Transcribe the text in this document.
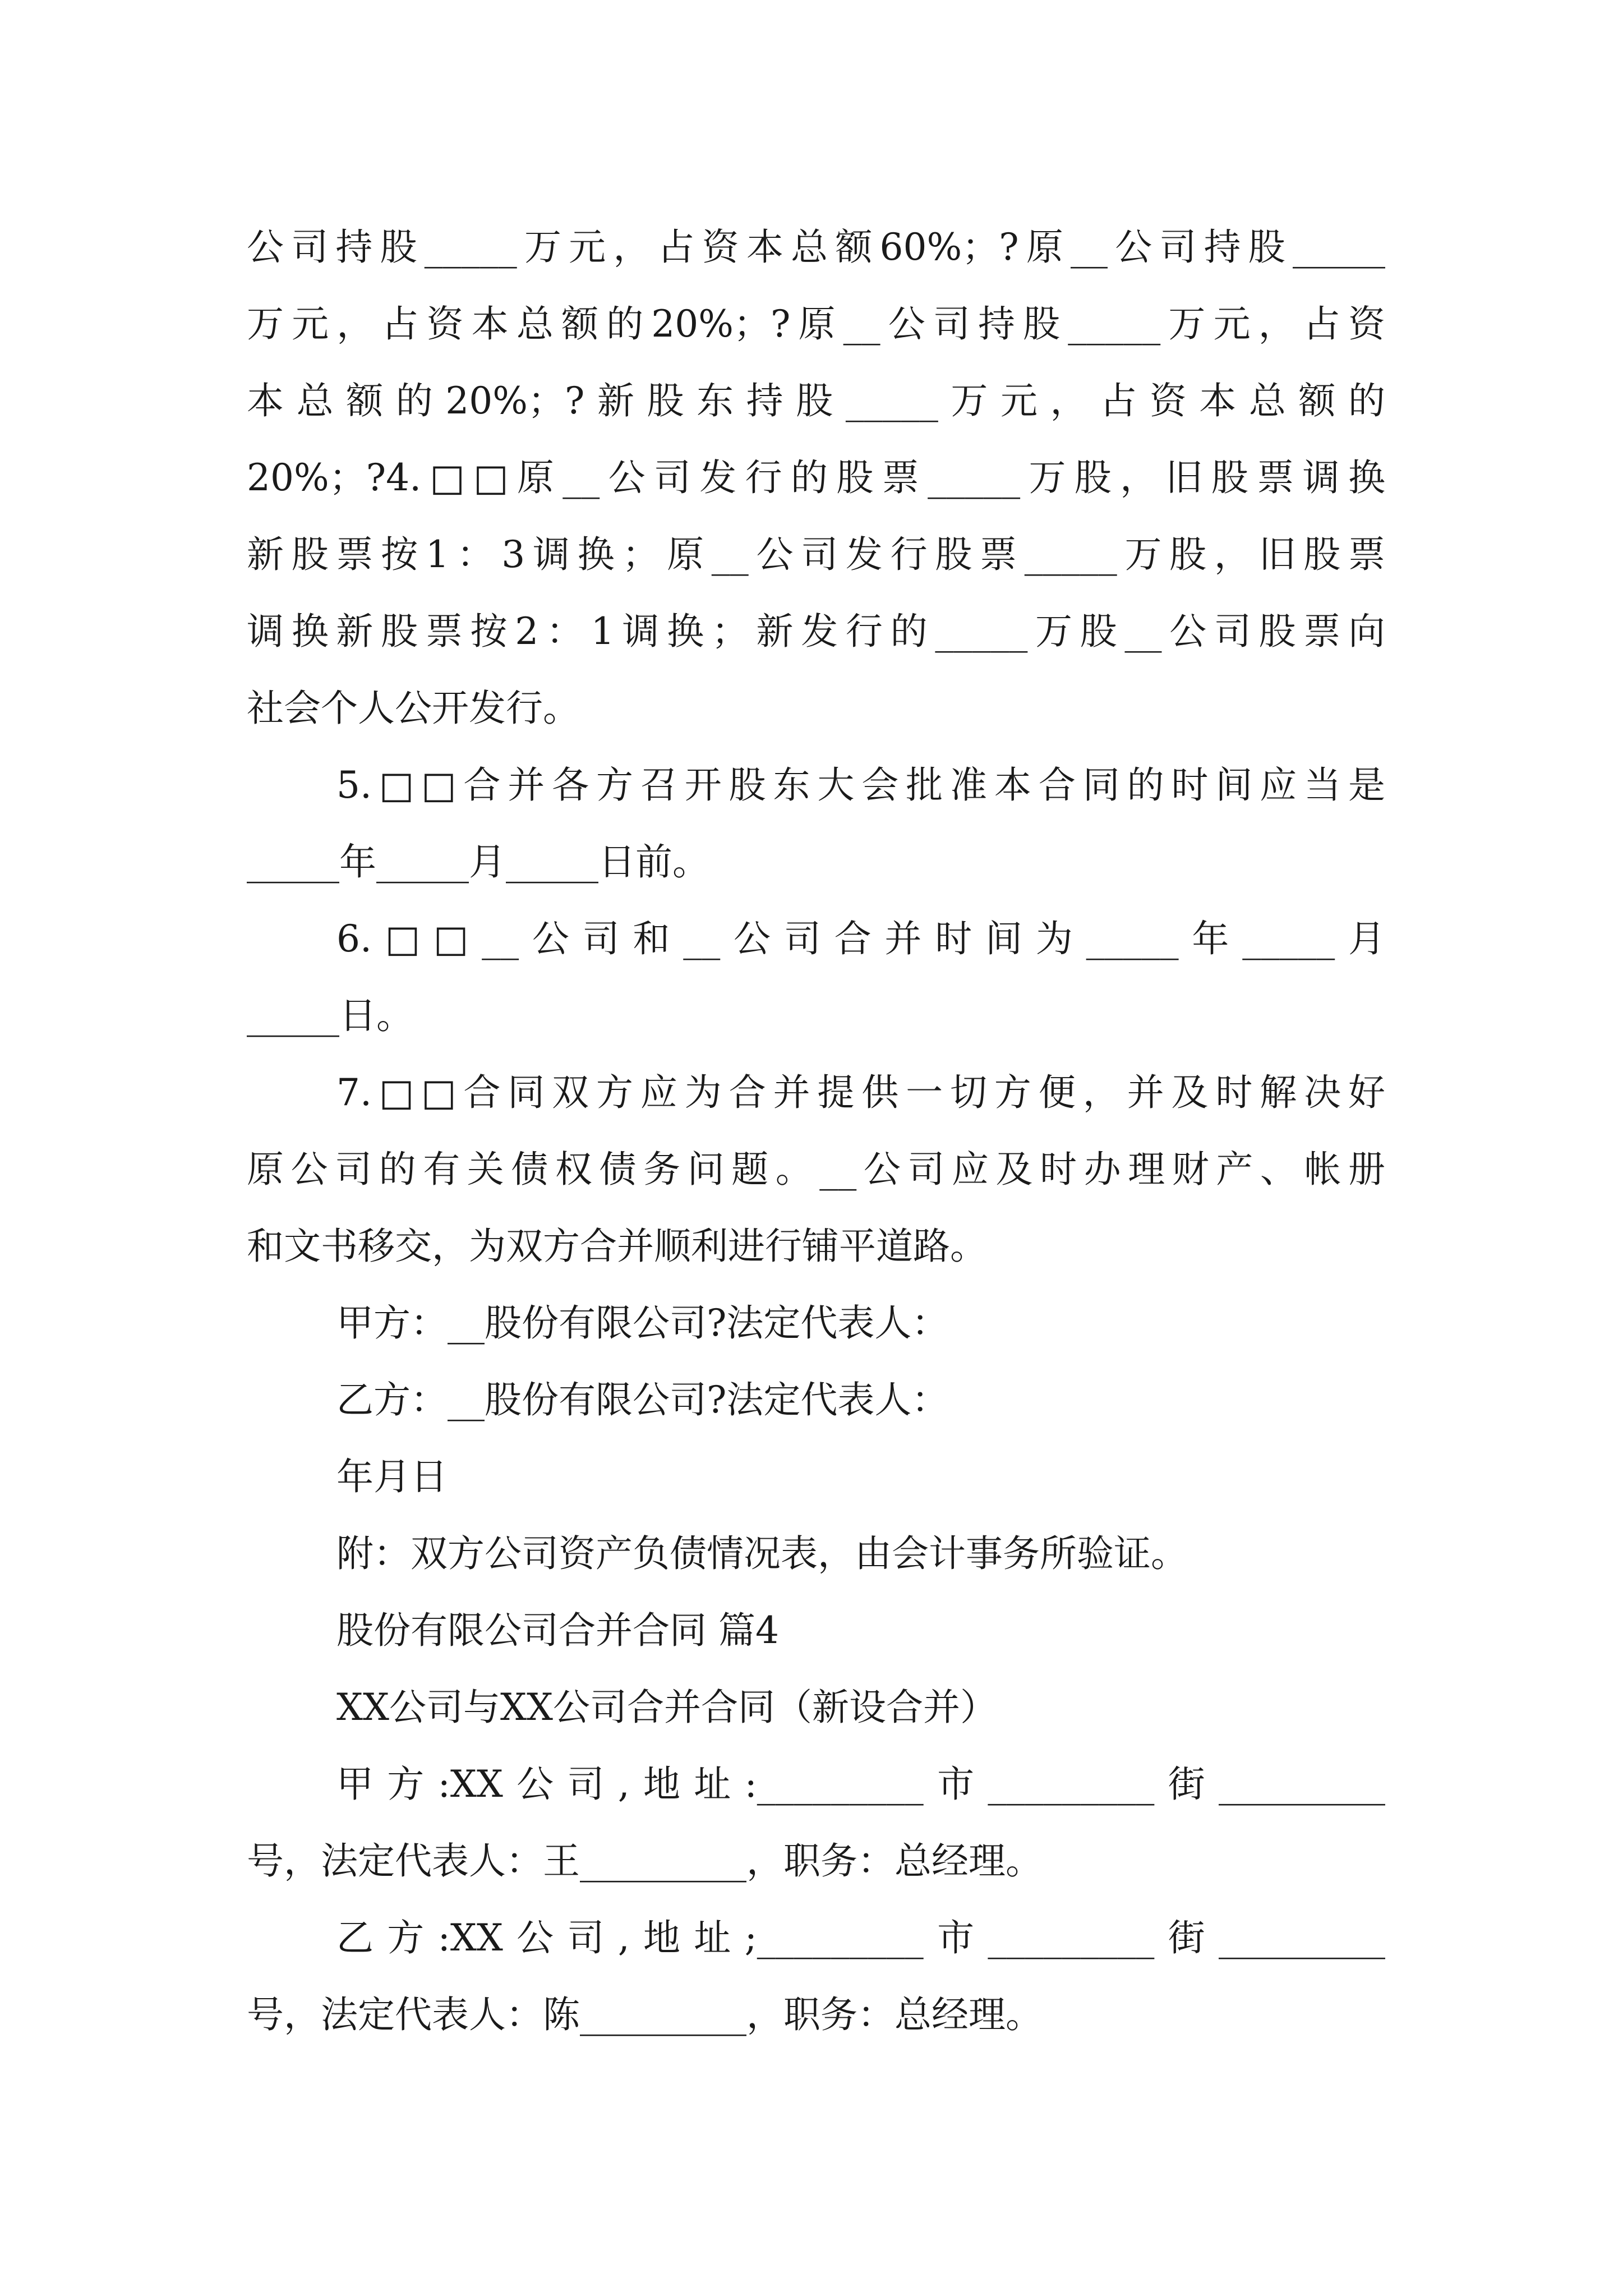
公司持股_____万元，占资本总额60%；?原__公司持股_____
万元，占资本总额的20%；?原__公司持股_____万元，占资
本总额的20%；?新股东持股_____万元，占资本总额的
20%；?4.□□原__公司发行的股票_____万股，旧股票调换
新股票按1：3调换；原__公司发行股票_____万股，旧股票
调换新股票按2：1调换；新发行的_____万股__公司股票向
社会个人公开发行。
5.□□合并各方召开股东大会批准本合同的时间应当是
_____年_____月_____日前。
6.□□__公司和__公司合并时间为_____年_____月
_____日。
7.□□合同双方应为合并提供一切方便，并及时解决好
原公司的有关债权债务问题。__公司应及时办理财产、帐册
和文书移交，为双方合并顺利进行铺平道路。
甲方：__股份有限公司?法定代表人：
乙方：__股份有限公司?法定代表人：
年月日
附：双方公司资产负债情况表，由会计事务所验证。
股份有限公司合并合同 篇4
XX公司与XX公司合并合同（新设合并）
甲方:XX公司,地址:_________市_________街_________
号，法定代表人：王_________，职务：总经理。
乙方:XX公司,地址;_________市_________街_________
号，法定代表人：陈_________，职务：总经理。
